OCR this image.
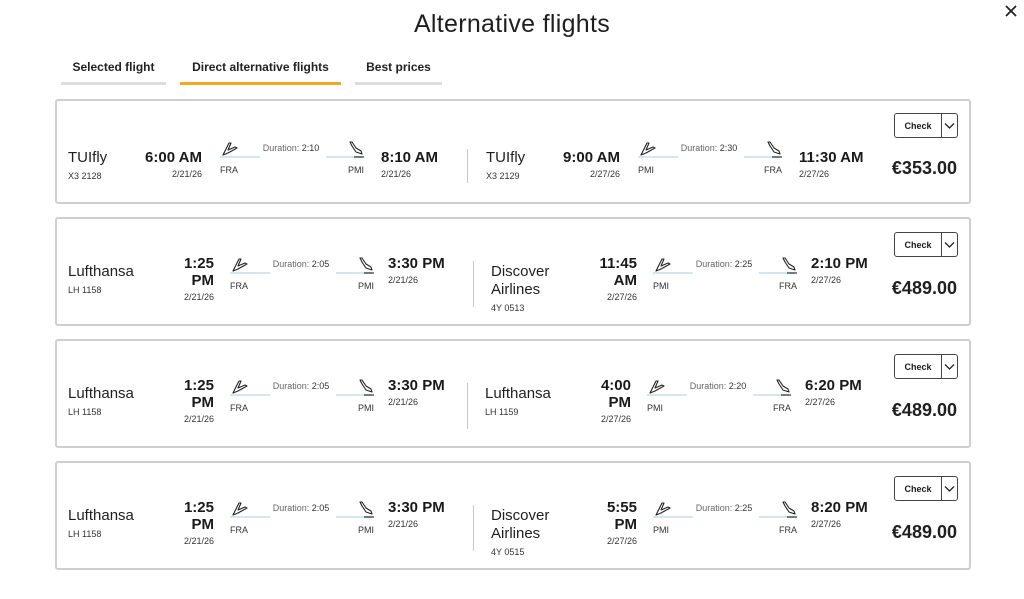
Alternative flights
Selected flight	Direct alternative flights	Best prices
TUIfly
X3 2128
6:00 AM
2/21/26
Duration: 2:10
FRA	PMI
8:10 AM
2/21/26
TUIfly
X3 2129
9:00 AM
2/27/26
Duration: 2:30
PMI	FRA
11:30 AM
2/27/26
Check
€353.00
Lufthansa
LH 1158
1:25 PM
2/21/26
Duration: 2:05
FRA	PMI
3:30 PM
2/21/26	Discover Airlines
4Y 0513
11:45 AM
2/27/26
Duration: 2:25
PMI	FRA
2:10 PM
2/27/26
Check
€489.00
Lufthansa
LH 1158
1:25 PM
2/21/26
Duration: 2:05
FRA	PMI
3:30 PM
2/21/26	Lufthansa
LH 1159
4:00 PM
2/27/26
Duration: 2:20
PMI	FRA
6:20 PM
2/27/26
Check
€489.00
Lufthansa
LH 1158
1:25 PM
2/21/26
Duration: 2:05
FRA	PMI
3:30 PM
2/21/26	Discover Airlines
4Y 0515
5:55 PM
2/27/26
Duration: 2:25
PMI	FRA
8:20 PM
2/27/26
Check
€489.00
